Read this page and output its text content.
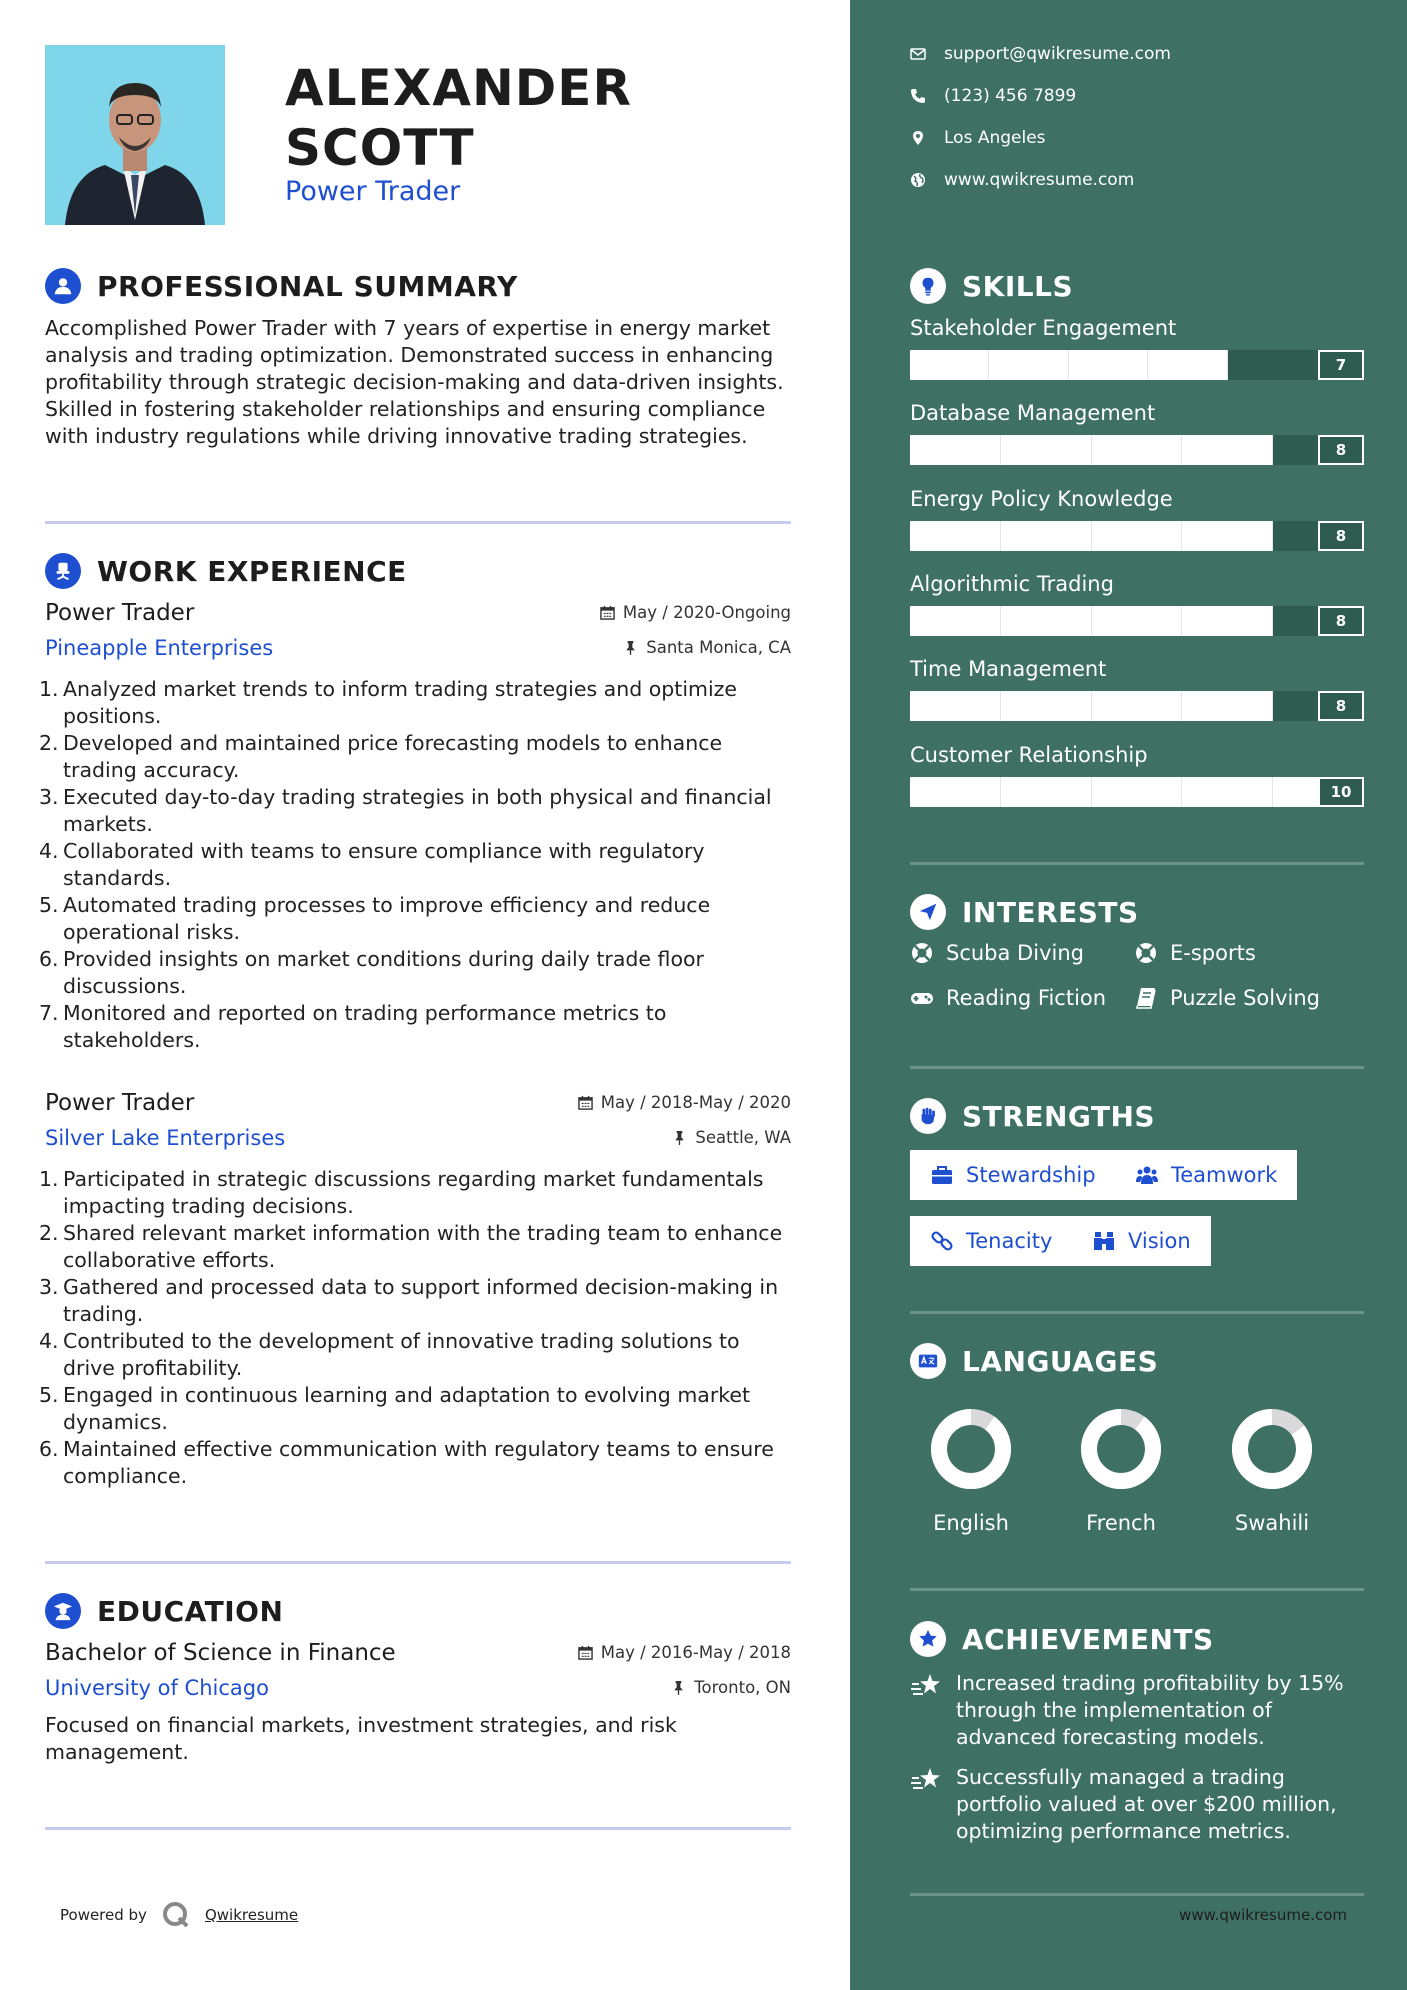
ALEXANDER
SCOTT
Power Trader
PROFESSIONAL SUMMARY
Accomplished Power Trader with 7 years of expertise in energy market analysis and trading optimization. Demonstrated success in enhancing profitability through strategic decision-making and data-driven insights. Skilled in fostering stakeholder relationships and ensuring compliance with industry regulations while driving innovative trading strategies.
WORK EXPERIENCE
Power Trader	May / 2020-Ongoing
Pineapple Enterprises	Santa Monica, CA
1. Analyzed market trends to inform trading strategies and optimize positions.
2. Developed and maintained price forecasting models to enhance trading accuracy.
3. Executed day-to-day trading strategies in both physical and financial markets.
4. Collaborated with teams to ensure compliance with regulatory standards.
5. Automated trading processes to improve efficiency and reduce operational risks.
6. Provided insights on market conditions during daily trade floor discussions.
7. Monitored and reported on trading performance metrics to stakeholders.
Power Trader	May / 2018-May / 2020
Silver Lake Enterprises	Seattle, WA
1. Participated in strategic discussions regarding market fundamentals impacting trading decisions.
2. Shared relevant market information with the trading team to enhance collaborative efforts.
3. Gathered and processed data to support informed decision-making in trading.
4. Contributed to the development of innovative trading solutions to drive profitability.
5. Engaged in continuous learning and adaptation to evolving market dynamics.
6. Maintained effective communication with regulatory teams to ensure compliance.
EDUCATION
Bachelor of Science in Finance	May / 2016-May / 2018
University of Chicago	Toronto, ON
Focused on financial markets, investment strategies, and risk management.
Powered by	Qwikresume
support@qwikresume.com
(123) 456 7899
Los Angeles
www.qwikresume.com
SKILLS
Stakeholder Engagement
7
Database Management
8
Energy Policy Knowledge
8
Algorithmic Trading
8
Time Management
8
Customer Relationship
10
INTERESTS
Scuba Diving	E-sports
Reading Fiction	Puzzle Solving
STRENGTHS
Stewardship	Teamwork
Tenacity	Vision
LANGUAGES
English	French	Swahili
ACHIEVEMENTS
Increased trading profitability by 15% through the implementation of advanced forecasting models.
Successfully managed a trading portfolio valued at over $200 million, optimizing performance metrics.
www.qwikresume.com
